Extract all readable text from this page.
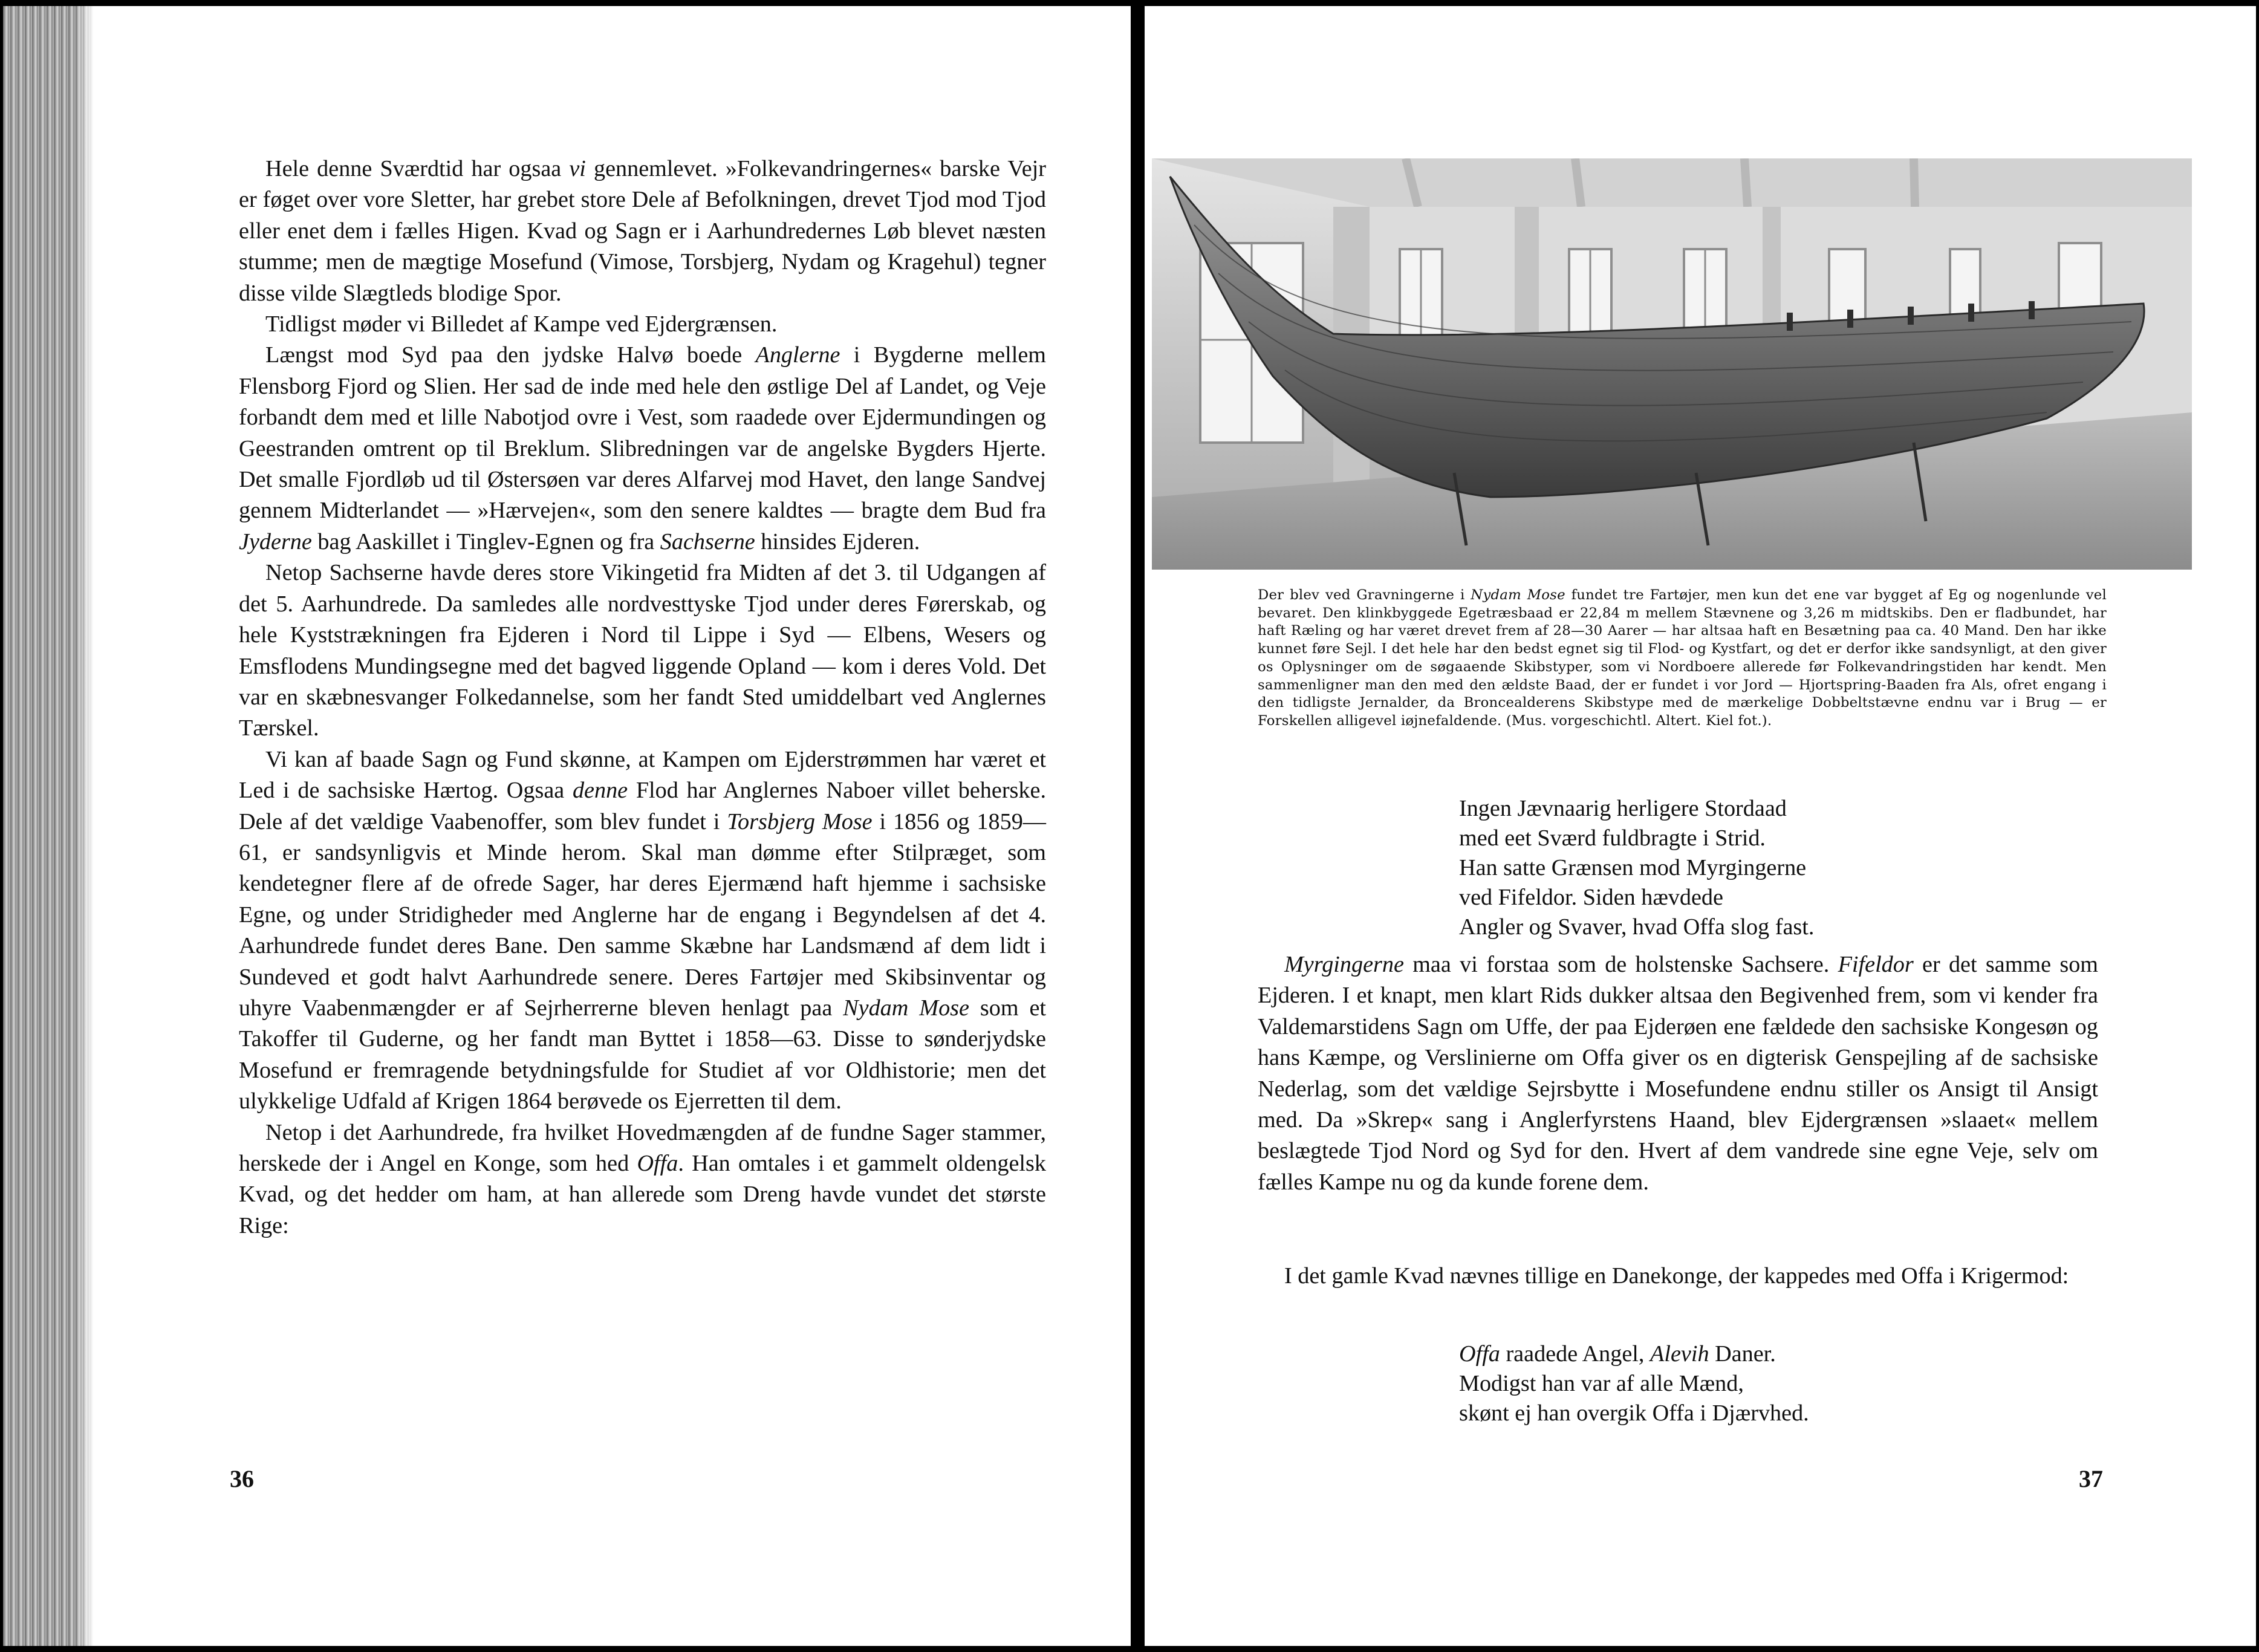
Hele denne Sværdtid har ogsaa vi gennemlevet. »Folkevandringernes« barske Vejr er føget over vore Sletter, har grebet store Dele af Befolkningen, drevet Tjod mod Tjod eller enet dem i fælles Higen. Kvad og Sagn er i Aarhundredernes Løb blevet næsten stumme; men de mægtige Mosefund (Vimose, Torsbjerg, Nydam og Kragehul) tegner disse vilde Slægtleds blodige Spor.

Tidligst møder vi Billedet af Kampe ved Ejdergrænsen.

Længst mod Syd paa den jydske Halvø boede Anglerne i Bygderne mellem Flensborg Fjord og Slien. Her sad de inde med hele den østlige Del af Landet, og Veje forbandt dem med et lille Nabotjod ovre i Vest, som raadede over Ejdermundingen og Geestranden omtrent op til Breklum. Slibredningen var de angelske Bygders Hjerte. Det smalle Fjordløb ud til Østersøen var deres Alfarvej mod Havet, den lange Sandvej gennem Midterlandet — »Hærvejen«, som den senere kaldtes — bragte dem Bud fra Jyderne bag Aaskillet i Tinglev-Egnen og fra Sachserne hinsides Ejderen.

Netop Sachserne havde deres store Vikingetid fra Midten af det 3. til Udgangen af det 5. Aarhundrede. Da samledes alle nordvesttyske Tjod under deres Førerskab, og hele Kyststrækningen fra Ejderen i Nord til Lippe i Syd — Elbens, Wesers og Emsflodens Mundingsegne med det bagved liggende Opland — kom i deres Vold. Det var en skæbnesvanger Folkedannelse, som her fandt Sted umiddelbart ved Anglernes Tærskel.

Vi kan af baade Sagn og Fund skønne, at Kampen om Ejderstrømmen har været et Led i de sachsiske Hærtog. Ogsaa denne Flod har Anglernes Naboer villet beherske. Dele af det vældige Vaabenoffer, som blev fundet i Torsbjerg Mose i 1856 og 1859—61, er sandsynligvis et Minde herom. Skal man dømme efter Stilpræget, som kendetegner flere af de ofrede Sager, har deres Ejermænd haft hjemme i sachsiske Egne, og under Stridigheder med Anglerne har de engang i Begyndelsen af det 4. Aarhundrede fundet deres Bane. Den samme Skæbne har Landsmænd af dem lidt i Sundeved et godt halvt Aarhundrede senere. Deres Fartøjer med Skibsinventar og uhyre Vaabenmængder er af Sejrherrerne bleven henlagt paa Nydam Mose som et Takoffer til Guderne, og her fandt man Byttet i 1858—63. Disse to sønderjydske Mosefund er fremragende betydningsfulde for Studiet af vor Oldhistorie; men det ulykkelige Udfald af Krigen 1864 berøvede os Ejerretten til dem.

Netop i det Aarhundrede, fra hvilket Hovedmængden af de fundne Sager stammer, herskede der i Angel en Konge, som hed Offa. Han omtales i et gammelt oldengelsk Kvad, og det hedder om ham, at han allerede som Dreng havde vundet det største Rige:

36
Der blev ved Gravningerne i Nydam Mose fundet tre Fartøjer, men kun det ene var bygget af Eg og nogenlunde vel bevaret. Den klinkbyggede Egetræsbaad er 22,84 m mellem Stævnene og 3,26 m midtskibs. Den er fladbundet, har haft Ræling og har været drevet frem af 28—30 Aarer — har altsaa haft en Besætning paa ca. 40 Mand. Den har ikke kunnet føre Sejl. I det hele har den bedst egnet sig til Flod- og Kystfart, og det er derfor ikke sandsynligt, at den giver os Oplysninger om de søgaaende Skibstyper, som vi Nordboere allerede før Folkevandringstiden har kendt. Men sammenligner man den med den ældste Baad, der er fundet i vor Jord — Hjortspring-Baaden fra Als, ofret engang i den tidligste Jernalder, da Broncealderens Skibstype med de mærkelige Dobbeltstævne endnu var i Brug — er Forskellen alligevel iøjnefaldende. (Mus. vorgeschichtl. Altert. Kiel fot.).
Ingen Jævnaarig herligere Stordaad
med eet Sværd fuldbragte i Strid.
Han satte Grænsen mod Myrgingerne
ved Fifeldor. Siden hævdede
Angler og Svaver, hvad Offa slog fast.

Myrgingerne maa vi forstaa som de holstenske Sachsere. Fifeldor er det samme som Ejderen. I et knapt, men klart Rids dukker altsaa den Begivenhed frem, som vi kender fra Valdemarstidens Sagn om Uffe, der paa Ejderøen ene fældede den sachsiske Kongesøn og hans Kæmpe, og Verslinierne om Offa giver os en digterisk Genspejling af de sachsiske Nederlag, som det vældige Sejrsbytte i Mosefundene endnu stiller os Ansigt til Ansigt med. Da »Skrep« sang i Anglerfyrstens Haand, blev Ejdergrænsen »slaaet« mellem beslægtede Tjod Nord og Syd for den. Hvert af dem vandrede sine egne Veje, selv om fælles Kampe nu og da kunde forene dem.

I det gamle Kvad nævnes tillige en Danekonge, der kappedes med Offa i Krigermod:
Offa raadede Angel, Alevih Daner.
Modigst han var af alle Mænd,
skønt ej han overgik Offa i Djærvhed.
37
